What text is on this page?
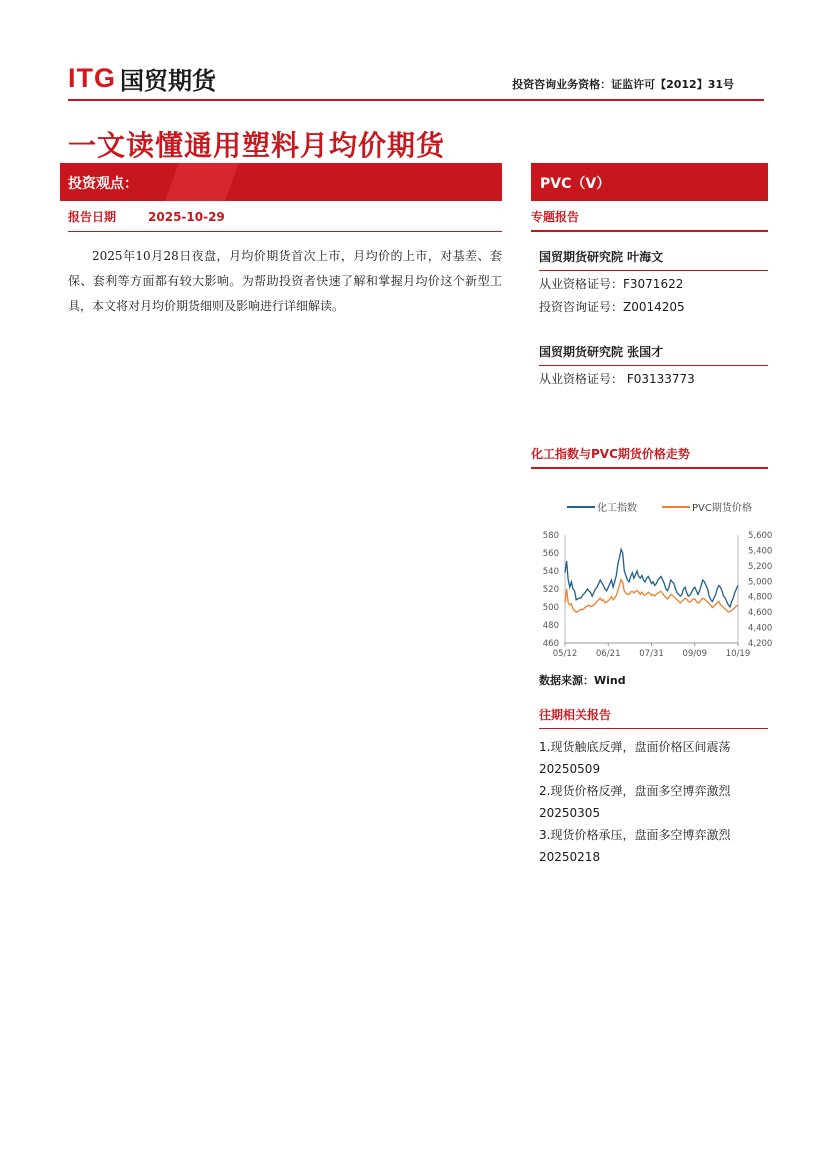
ITG 国贸期货	投资咨询业务资格：证监许可【2012】31号
一文读懂通用塑料月均价期货
投资观点：
报告日期	2025-10-29
2025年10月28日夜盘，月均价期货首次上市，月均价的上市，对基差、套保、套利等方面都有较大影响。为帮助投资者快速了解和掌握月均价这个新型工具，本文将对月均价期货细则及影响进行详细解读。
PVC（V）
专题报告
国贸期货研究院 叶海文
从业资格证号：F3071622
投资咨询证号：Z0014205
国贸期货研究院 张国才
从业资格证号： F03133773
化工指数与PVC期货价格走势
化工指数	PVC期货价格
580
560
540
520
500
480
460
5,600
5,400
5,200
5,000
4,800
4,600
4,400
4,200
05/12 06/21 07/31 09/09 10/19
数据来源：Wind
往期相关报告
1.现货触底反弹，盘面价格区间震荡20250509
2.现货价格反弹，盘面多空博弈激烈 20250305
3.现货价格承压，盘面多空博弈激烈 20250218
